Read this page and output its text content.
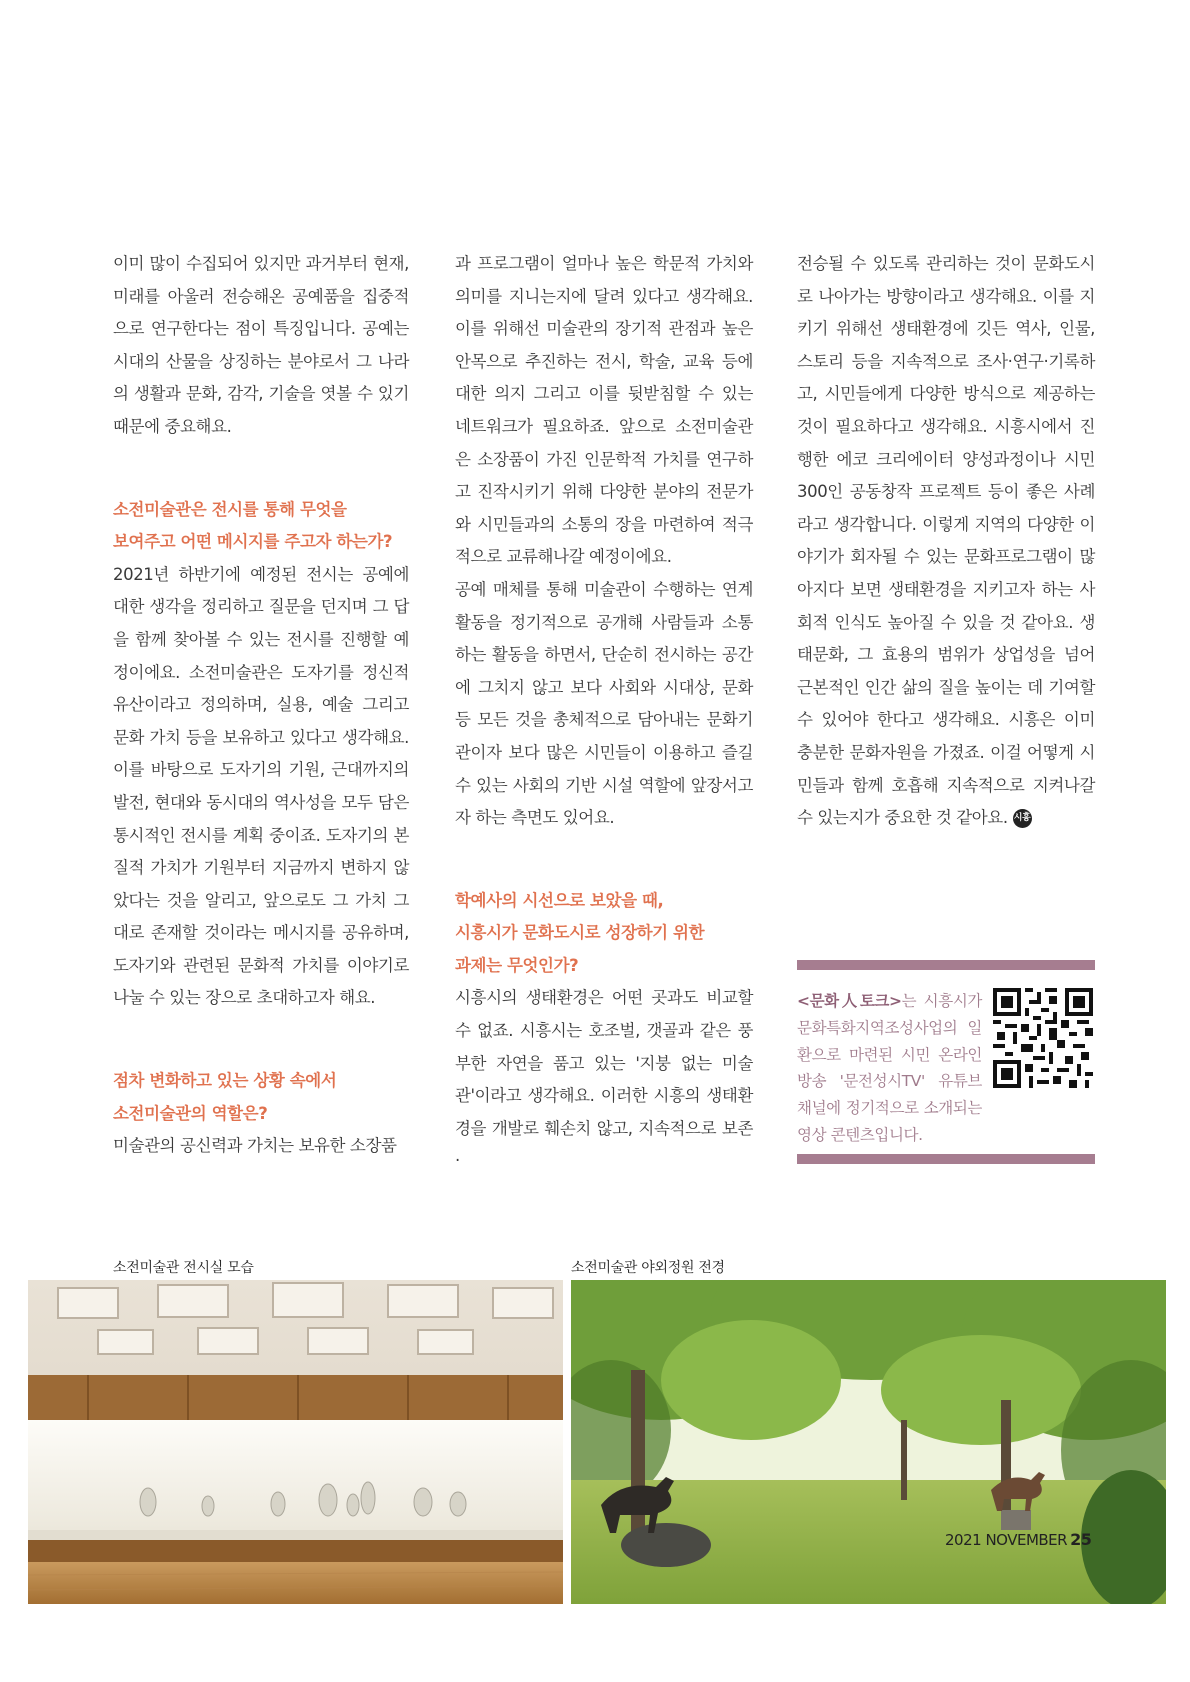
이미 많이 수집되어 있지만 과거부터 현재, 미래를 아울러 전승해온 공예품을 집중적으로 연구한다는 점이 특징입니다. 공예는 시대의 산물을 상징하는 분야로서 그 나라의 생활과 문화, 감각, 기술을 엿볼 수 있기 때문에 중요해요.

소전미술관은 전시를 통해 무엇을
보여주고 어떤 메시지를 주고자 하는가?

2021년 하반기에 예정된 전시는 공예에 대한 생각을 정리하고 질문을 던지며 그 답을 함께 찾아볼 수 있는 전시를 진행할 예정이에요. 소전미술관은 도자기를 정신적 유산이라고 정의하며, 실용, 예술 그리고 문화 가치 등을 보유하고 있다고 생각해요. 이를 바탕으로 도자기의 기원, 근대까지의 발전, 현대와 동시대의 역사성을 모두 담은 통시적인 전시를 계획 중이죠. 도자기의 본질적 가치가 기원부터 지금까지 변하지 않았다는 것을 알리고, 앞으로도 그 가치 그대로 존재할 것이라는 메시지를 공유하며, 도자기와 관련된 문화적 가치를 이야기로 나눌 수 있는 장으로 초대하고자 해요.

점차 변화하고 있는 상황 속에서
소전미술관의 역할은?

미술관의 공신력과 가치는 보유한 소장품

과 프로그램이 얼마나 높은 학문적 가치와 의미를 지니는지에 달려 있다고 생각해요. 이를 위해선 미술관의 장기적 관점과 높은 안목으로 추진하는 전시, 학술, 교육 등에 대한 의지 그리고 이를 뒷받침할 수 있는 네트워크가 필요하죠. 앞으로 소전미술관은 소장품이 가진 인문학적 가치를 연구하고 진작시키기 위해 다양한 분야의 전문가와 시민들과의 소통의 장을 마련하여 적극적으로 교류해나갈 예정이에요.

공예 매체를 통해 미술관이 수행하는 연계활동을 정기적으로 공개해 사람들과 소통하는 활동을 하면서, 단순히 전시하는 공간에 그치지 않고 보다 사회와 시대상, 문화 등 모든 것을 총체적으로 담아내는 문화기관이자 보다 많은 시민들이 이용하고 즐길 수 있는 사회의 기반 시설 역할에 앞장서고자 하는 측면도 있어요.

학예사의 시선으로 보았을 때,
시흥시가 문화도시로 성장하기 위한
과제는 무엇인가?

시흥시의 생태환경은 어떤 곳과도 비교할 수 없죠. 시흥시는 호조벌, 갯골과 같은 풍부한 자연을 품고 있는 '지붕 없는 미술관'이라고 생각해요. 이러한 시흥의 생태환경을 개발로 훼손치 않고, 지속적으로 보존·

전승될 수 있도록 관리하는 것이 문화도시로 나아가는 방향이라고 생각해요. 이를 지키기 위해선 생태환경에 깃든 역사, 인물, 스토리 등을 지속적으로 조사·연구·기록하고, 시민들에게 다양한 방식으로 제공하는 것이 필요하다고 생각해요. 시흥시에서 진행한 에코 크리에이터 양성과정이나 시민 300인 공동창작 프로젝트 등이 좋은 사례라고 생각합니다. 이렇게 지역의 다양한 이야기가 회자될 수 있는 문화프로그램이 많아지다 보면 생태환경을 지키고자 하는 사회적 인식도 높아질 수 있을 것 같아요. 생태문화, 그 효용의 범위가 상업성을 넘어 근본적인 인간 삶의 질을 높이는 데 기여할 수 있어야 한다고 생각해요. 시흥은 이미 충분한 문화자원을 가졌죠. 이걸 어떻게 시민들과 함께 호흡해 지속적으로 지켜나갈 수 있는지가 중요한 것 같아요. 시흥

<문화人토크>는 시흥시가 문화특화지역조성사업의 일환으로 마련된 시민 온라인 방송 '문전성시TV' 유튜브 채널에 정기적으로 소개되는 영상 콘텐츠입니다.
소전미술관 전시실 모습	소전미술관 야외정원 전경
2021 NOVEMBER 25
